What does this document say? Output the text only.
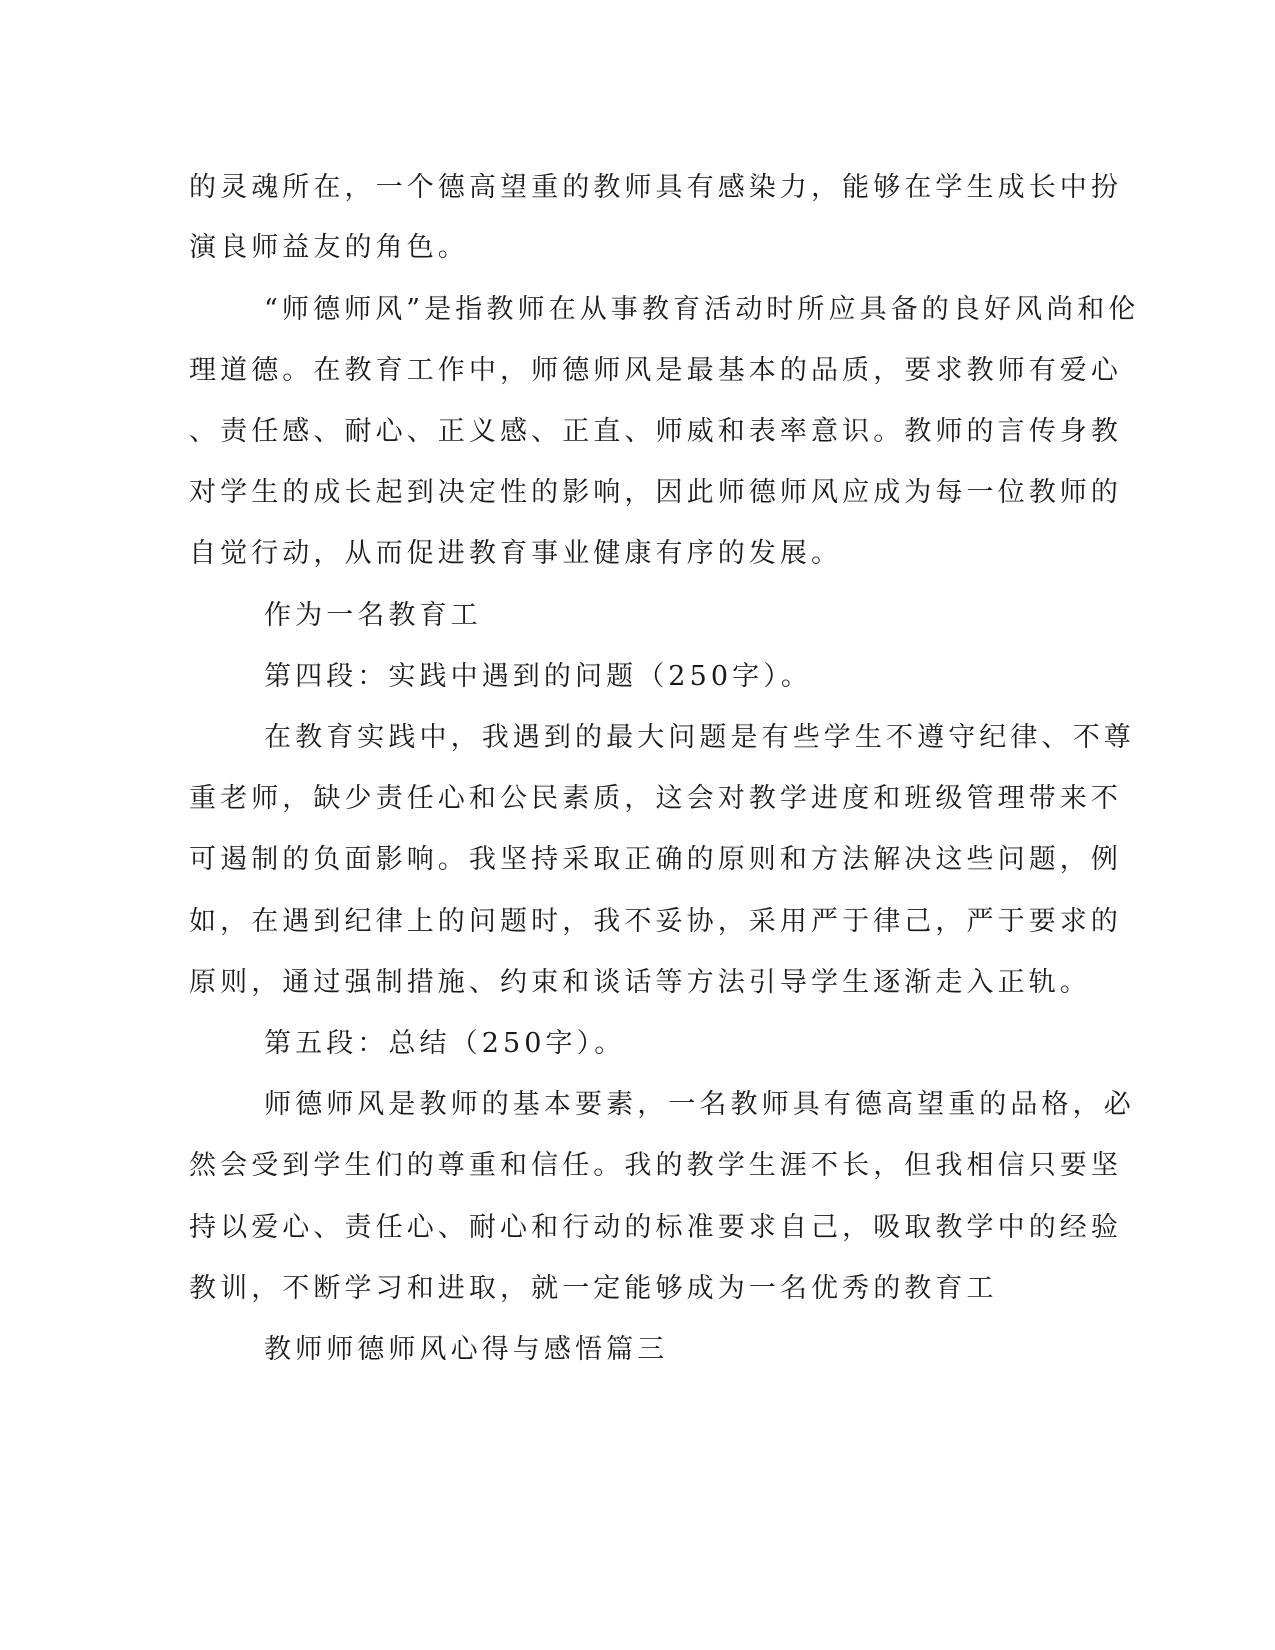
的灵魂所在，一个德高望重的教师具有感染力，能够在学生成长中扮
演良师益友的角色。
“师德师风”是指教师在从事教育活动时所应具备的良好风尚和伦
理道德。在教育工作中，师德师风是最基本的品质，要求教师有爱心
、责任感、耐心、正义感、正直、师威和表率意识。教师的言传身教
对学生的成长起到决定性的影响，因此师德师风应成为每一位教师的
自觉行动，从而促进教育事业健康有序的发展。
作为一名教育工
第四段：实践中遇到的问题（250字）。
在教育实践中，我遇到的最大问题是有些学生不遵守纪律、不尊
重老师，缺少责任心和公民素质，这会对教学进度和班级管理带来不
可遏制的负面影响。我坚持采取正确的原则和方法解决这些问题，例
如，在遇到纪律上的问题时，我不妥协，采用严于律己，严于要求的
原则，通过强制措施、约束和谈话等方法引导学生逐渐走入正轨。
第五段：总结（250字）。
师德师风是教师的基本要素，一名教师具有德高望重的品格，必
然会受到学生们的尊重和信任。我的教学生涯不长，但我相信只要坚
持以爱心、责任心、耐心和行动的标准要求自己，吸取教学中的经验
教训，不断学习和进取，就一定能够成为一名优秀的教育工
教师师德师风心得与感悟篇三
